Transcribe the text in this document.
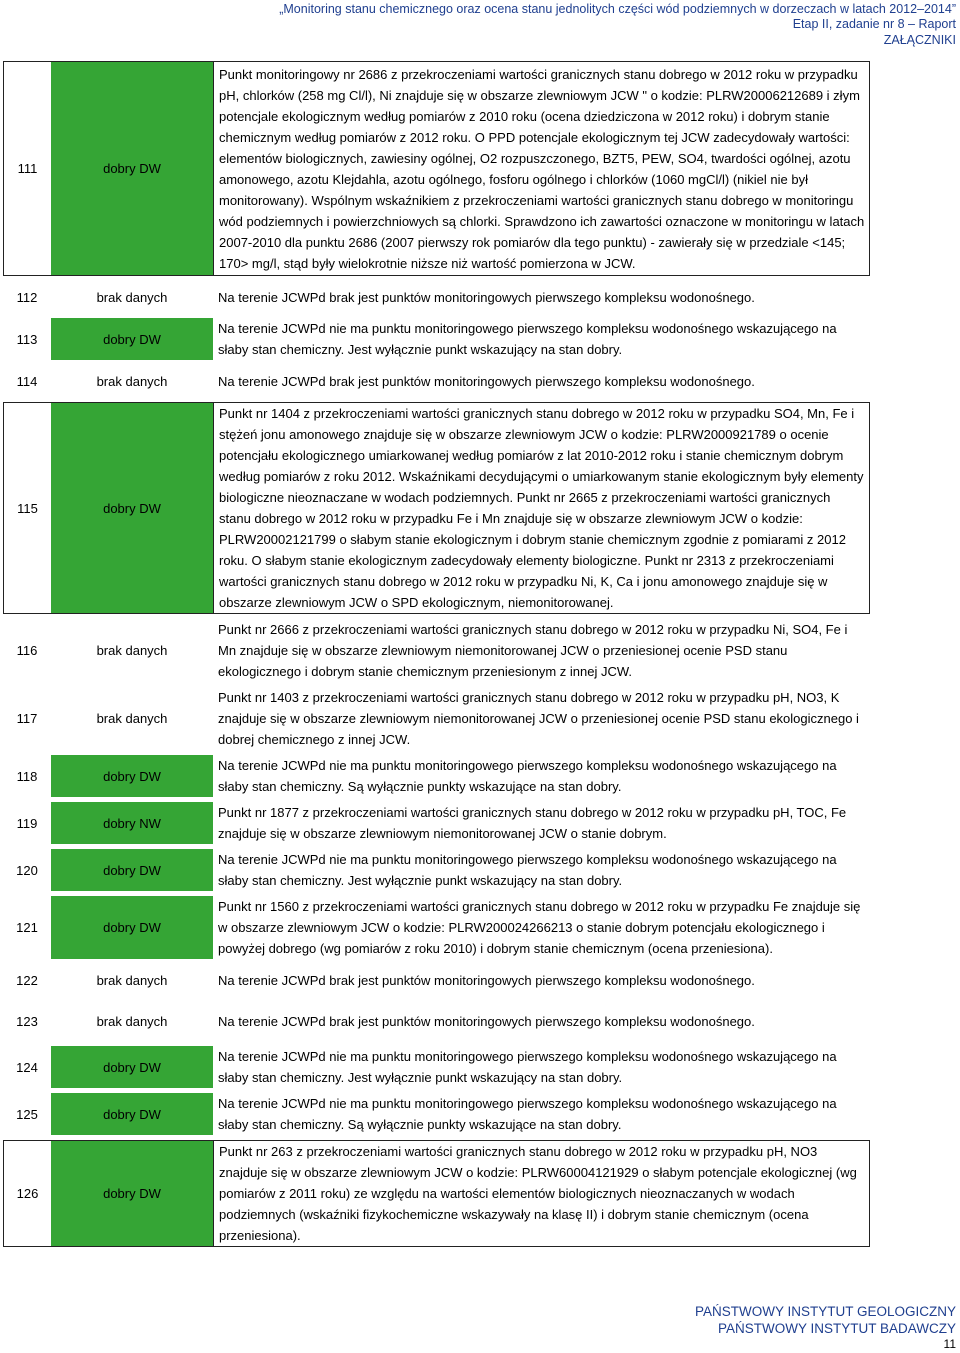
„Monitoring stanu chemicznego oraz ocena stanu jednolitych części wód podziemnych w dorzeczach w latach 2012–2014”
Etap II, zadanie nr 8 – Raport
ZAŁĄCZNIKI
111	dobry DW	Punkt monitoringowy nr 2686 z przekroczeniami wartości granicznych stanu dobrego w 2012 roku w przypadku pH, chlorków (258 mg Cl/l), Ni znajduje się w obszarze zlewniowym JCW " o kodzie: PLRW20006212689 i złym potencjale ekologicznym według pomiarów z 2010 roku (ocena dziedziczona w 2012 roku) i dobrym stanie chemicznym według pomiarów z 2012 roku. O PPD potencjale ekologicznym tej JCW zadecydowały wartości: elementów biologicznych, zawiesiny ogólnej, O2 rozpuszczonego, BZT5, PEW, SO4, twardości ogólnej, azotu amonowego, azotu Klejdahla, azotu ogólnego, fosforu ogólnego i chlorków (1060 mgCl/l) (nikiel nie był monitorowany). Wspólnym wskaźnikiem z przekroczeniami wartości granicznych stanu dobrego w monitoringu wód podziemnych i powierzchniowych są chlorki. Sprawdzono ich zawartości oznaczone w monitoringu w latach 2007-2010 dla punktu 2686 (2007 pierwszy rok pomiarów dla tego punktu) - zawierały się w przedziale <145; 170> mg/l, stąd były wielokrotnie niższe niż wartość pomierzona w JCW.
112	brak danych	Na terenie JCWPd brak jest punktów monitoringowych pierwszego kompleksu wodonośnego.
113	dobry DW	Na terenie JCWPd nie ma punktu monitoringowego pierwszego kompleksu wodonośnego wskazującego na słaby stan chemiczny. Jest wyłącznie punkt wskazujący na stan dobry.
114	brak danych	Na terenie JCWPd brak jest punktów monitoringowych pierwszego kompleksu wodonośnego.
115	dobry DW	Punkt nr 1404 z przekroczeniami wartości granicznych stanu dobrego w 2012 roku w przypadku SO4, Mn, Fe i stężeń jonu amonowego znajduje się w obszarze zlewniowym JCW o kodzie: PLRW2000921789 o ocenie potencjału ekologicznego umiarkowanej według pomiarów z lat 2010-2012 roku i stanie chemicznym dobrym według pomiarów z roku 2012. Wskaźnikami decydującymi o umiarkowanym stanie ekologicznym były elementy biologiczne nieoznaczane w wodach podziemnych. Punkt nr 2665 z przekroczeniami wartości granicznych stanu dobrego w 2012 roku w przypadku Fe i Mn znajduje się w obszarze zlewniowym JCW o kodzie: PLRW20002121799 o słabym stanie ekologicznym i dobrym stanie chemicznym zgodnie z pomiarami z 2012 roku. O słabym stanie ekologicznym zadecydowały elementy biologiczne. Punkt nr 2313 z przekroczeniami wartości granicznych stanu dobrego w 2012 roku w przypadku Ni, K, Ca i jonu amonowego znajduje się w obszarze zlewniowym JCW o SPD ekologicznym, niemonitorowanej.
116	brak danych	Punkt nr 2666 z przekroczeniami wartości granicznych stanu dobrego w 2012 roku w przypadku Ni, SO4, Fe i Mn znajduje się w obszarze zlewniowym niemonitorowanej JCW o przeniesionej ocenie PSD stanu ekologicznego i dobrym stanie chemicznym przeniesionym z innej JCW.
117	brak danych	Punkt nr 1403 z przekroczeniami wartości granicznych stanu dobrego w 2012 roku w przypadku pH, NO3, K znajduje się w obszarze zlewniowym niemonitorowanej JCW o przeniesionej ocenie PSD stanu ekologicznego i dobrej chemicznego z innej JCW.
118	dobry DW	Na terenie JCWPd nie ma punktu monitoringowego pierwszego kompleksu wodonośnego wskazującego na słaby stan chemiczny. Są wyłącznie punkty wskazujące na stan dobry.
119	dobry NW	Punkt nr 1877 z przekroczeniami wartości granicznych stanu dobrego w 2012 roku w przypadku pH, TOC, Fe znajduje się w obszarze zlewniowym niemonitorowanej JCW o stanie dobrym.
120	dobry DW	Na terenie JCWPd nie ma punktu monitoringowego pierwszego kompleksu wodonośnego wskazującego na słaby stan chemiczny. Jest wyłącznie punkt wskazujący na stan dobry.
121	dobry DW	Punkt nr 1560 z przekroczeniami wartości granicznych stanu dobrego w 2012 roku w przypadku Fe znajduje się w obszarze zlewniowym JCW o kodzie: PLRW200024266213 o stanie dobrym potencjału ekologicznego i powyżej dobrego (wg pomiarów z roku 2010) i dobrym stanie chemicznym (ocena przeniesiona).
122	brak danych	Na terenie JCWPd brak jest punktów monitoringowych pierwszego kompleksu wodonośnego.
123	brak danych	Na terenie JCWPd brak jest punktów monitoringowych pierwszego kompleksu wodonośnego.
124	dobry DW	Na terenie JCWPd nie ma punktu monitoringowego pierwszego kompleksu wodonośnego wskazującego na słaby stan chemiczny. Jest wyłącznie punkt wskazujący na stan dobry.
125	dobry DW	Na terenie JCWPd nie ma punktu monitoringowego pierwszego kompleksu wodonośnego wskazującego na słaby stan chemiczny. Są wyłącznie punkty wskazujące na stan dobry.
126	dobry DW	Punkt nr 263 z przekroczeniami wartości granicznych stanu dobrego w 2012 roku w przypadku pH, NO3 znajduje się w obszarze zlewniowym JCW o kodzie: PLRW60004121929 o słabym potencjale ekologicznej (wg pomiarów z 2011 roku) ze względu na wartości elementów biologicznych nieoznaczanych w wodach podziemnych (wskaźniki fizykochemiczne wskazywały na klasę II) i dobrym stanie chemicznym (ocena przeniesiona).
PAŃSTWOWY INSTYTUT GEOLOGICZNY
PAŃSTWOWY INSTYTUT BADAWCZY
11
